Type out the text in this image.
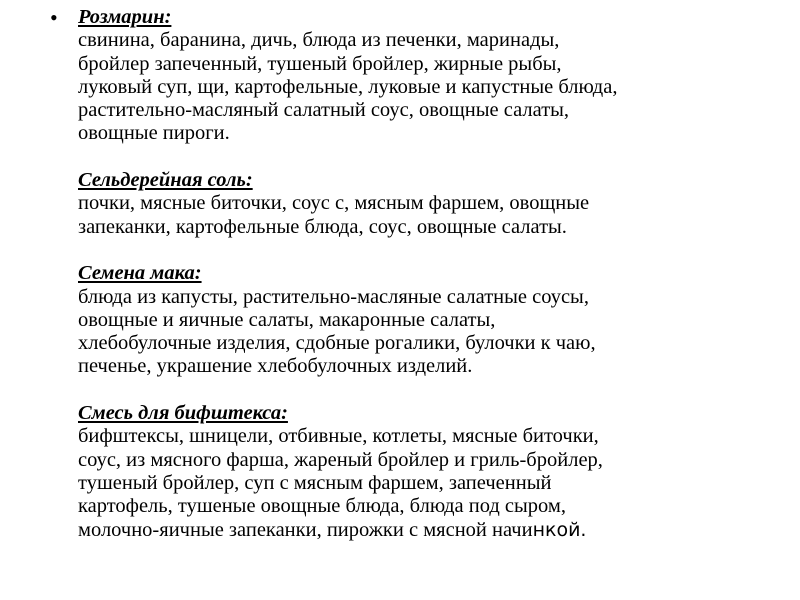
• Розмарин:
свинина, баранина, дичь, блюда из печенки, маринады,
бройлер запеченный, тушеный бройлер, жирные рыбы,
луковый суп, щи, картофельные, луковые и капустные блюда,
растительно-масляный салатный соус, овощные салаты,
овощные пироги.
Сельдерейная соль:
почки, мясные биточки, соус с, мясным фаршем, овощные
запеканки, картофельные блюда, соус, овощные салаты.
Семена мака:
блюда из капусты, растительно-масляные салатные соусы,
овощные и яичные салаты, макаронные салаты,
хлебобулочные изделия, сдобные рогалики, булочки к чаю,
печенье, украшение хлебобулочных изделий.
Смесь для бифштекса:
бифштексы, шницели, отбивные, котлеты, мясные биточки,
соус, из мясного фарша, жареный бройлер и гриль-бройлер,
тушеный бройлер, суп с мясным фаршем, запеченный
картофель, тушеные овощные блюда, блюда под сыром,
молочно-яичные запеканки, пирожки с мясной начинкой.
